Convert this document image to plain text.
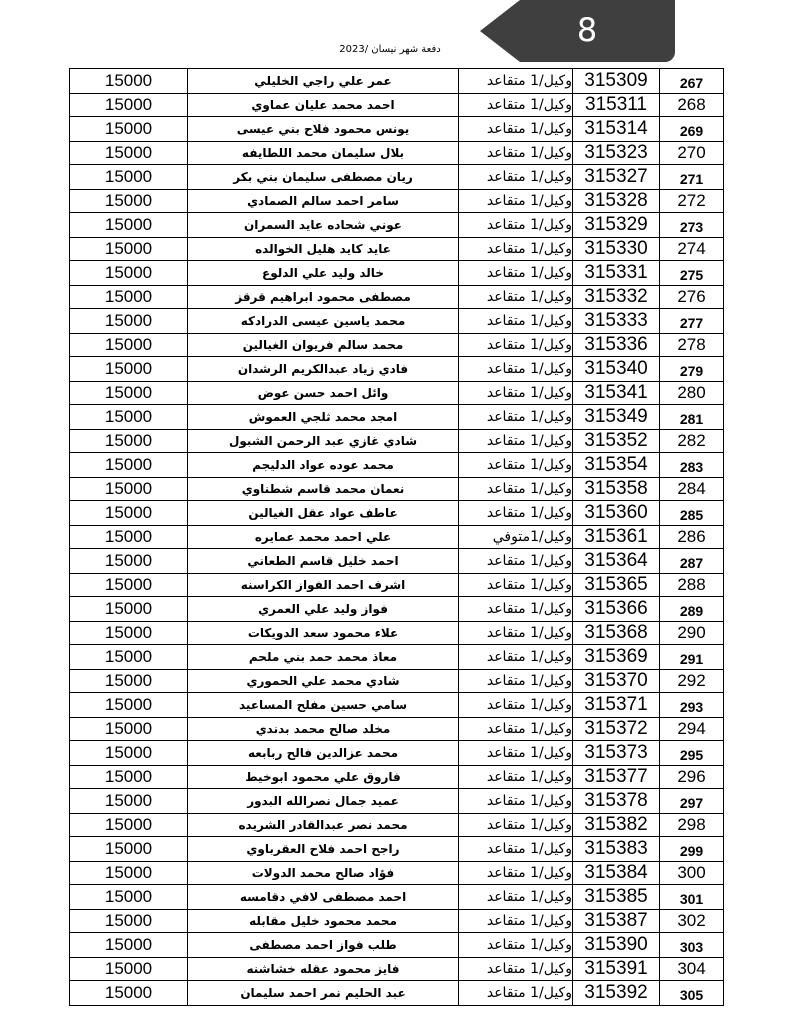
8
دفعة شهر نيسان /2023
15000	عمر علي راجي الخليلي	وكيل/1 متقاعد	315309	267
15000	احمد محمد عليان عماوي	وكيل/1 متقاعد	315311	268
15000	يونس محمود فلاح بني عيسى	وكيل/1 متقاعد	315314	269
15000	بلال سليمان محمد اللطايفه	وكيل/1 متقاعد	315323	270
15000	ريان مصطفى سليمان بني بكر	وكيل/1 متقاعد	315327	271
15000	سامر احمد سالم الصمادي	وكيل/1 متقاعد	315328	272
15000	عوني شحاده عايد السمران	وكيل/1 متقاعد	315329	273
15000	عايد كايد هليل الخوالده	وكيل/1 متقاعد	315330	274
15000	خالد وليد علي الدلوع	وكيل/1 متقاعد	315331	275
15000	مصطفى محمود ابراهيم قرقز	وكيل/1 متقاعد	315332	276
15000	محمد ياسين عيسى الدرادكه	وكيل/1 متقاعد	315333	277
15000	محمد سالم فريوان الغيالين	وكيل/1 متقاعد	315336	278
15000	فادي زياد عبدالكريم الرشدان	وكيل/1 متقاعد	315340	279
15000	وائل احمد حسن عوض	وكيل/1 متقاعد	315341	280
15000	امجد محمد ثلجي العموش	وكيل/1 متقاعد	315349	281
15000	شادي غازي عبد الرحمن الشبول	وكيل/1 متقاعد	315352	282
15000	محمد عوده عواد الدليجم	وكيل/1 متقاعد	315354	283
15000	نعمان محمد قاسم شطناوي	وكيل/1 متقاعد	315358	284
15000	عاطف عواد عقل الغيالين	وكيل/1 متقاعد	315360	285
15000	علي احمد محمد عمايره	وكيل/1متوفي	315361	286
15000	احمد خليل قاسم الطعاني	وكيل/1 متقاعد	315364	287
15000	اشرف احمد الفواز الكراسنه	وكيل/1 متقاعد	315365	288
15000	فواز وليد علي العمري	وكيل/1 متقاعد	315366	289
15000	علاء محمود سعد الدويكات	وكيل/1 متقاعد	315368	290
15000	معاذ محمد حمد بني ملحم	وكيل/1 متقاعد	315369	291
15000	شادي محمد علي الحموري	وكيل/1 متقاعد	315370	292
15000	سامي حسين مفلح المساعيد	وكيل/1 متقاعد	315371	293
15000	مخلد صالح محمد بدندي	وكيل/1 متقاعد	315372	294
15000	محمد عزالدين فالح ربابعه	وكيل/1 متقاعد	315373	295
15000	فاروق علي محمود ابوخيط	وكيل/1 متقاعد	315377	296
15000	عميد جمال نصرالله البدور	وكيل/1 متقاعد	315378	297
15000	محمد نصر عبدالقادر الشريده	وكيل/1 متقاعد	315382	298
15000	راجح احمد فلاح العقرباوي	وكيل/1 متقاعد	315383	299
15000	فؤاد صالح محمد الدولات	وكيل/1 متقاعد	315384	300
15000	احمد مصطفى لافي دقامسه	وكيل/1 متقاعد	315385	301
15000	محمد محمود خليل مقابله	وكيل/1 متقاعد	315387	302
15000	طلب فواز احمد مصطفى	وكيل/1 متقاعد	315390	303
15000	فايز محمود عقله خشاشنه	وكيل/1 متقاعد	315391	304
15000	عبد الحليم نمر احمد سليمان	وكيل/1 متقاعد	315392	305
